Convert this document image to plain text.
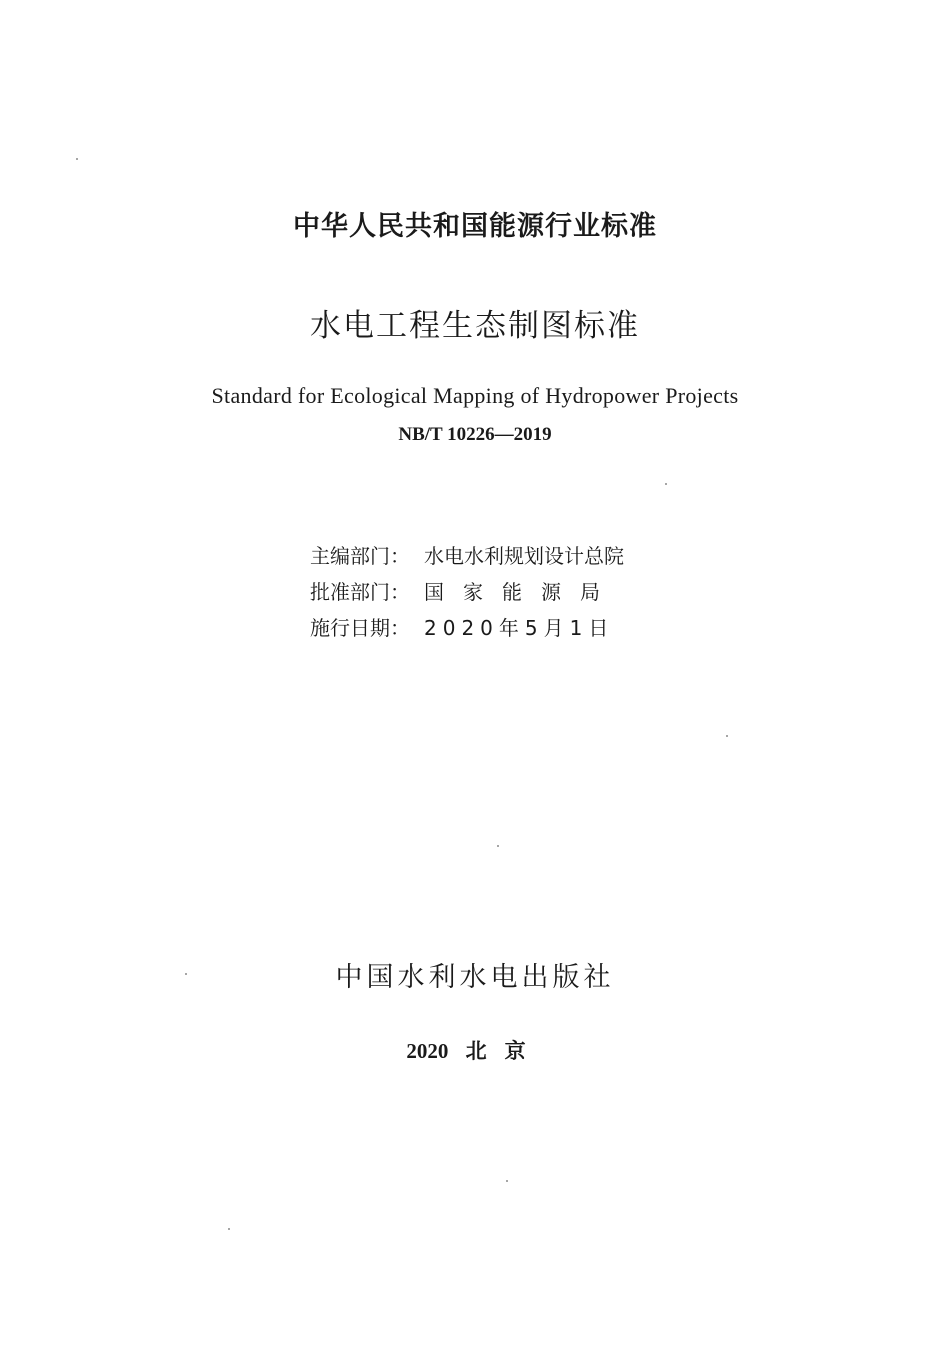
中华人民共和国能源行业标准
水电工程生态制图标准
Standard for Ecological Mapping of Hydropower Projects
NB/T 10226—2019
主编部门： 水电水利规划设计总院
批准部门： 国家能源局
施行日期： 2020年5月1日
中国水利水电出版社
2020 北京
